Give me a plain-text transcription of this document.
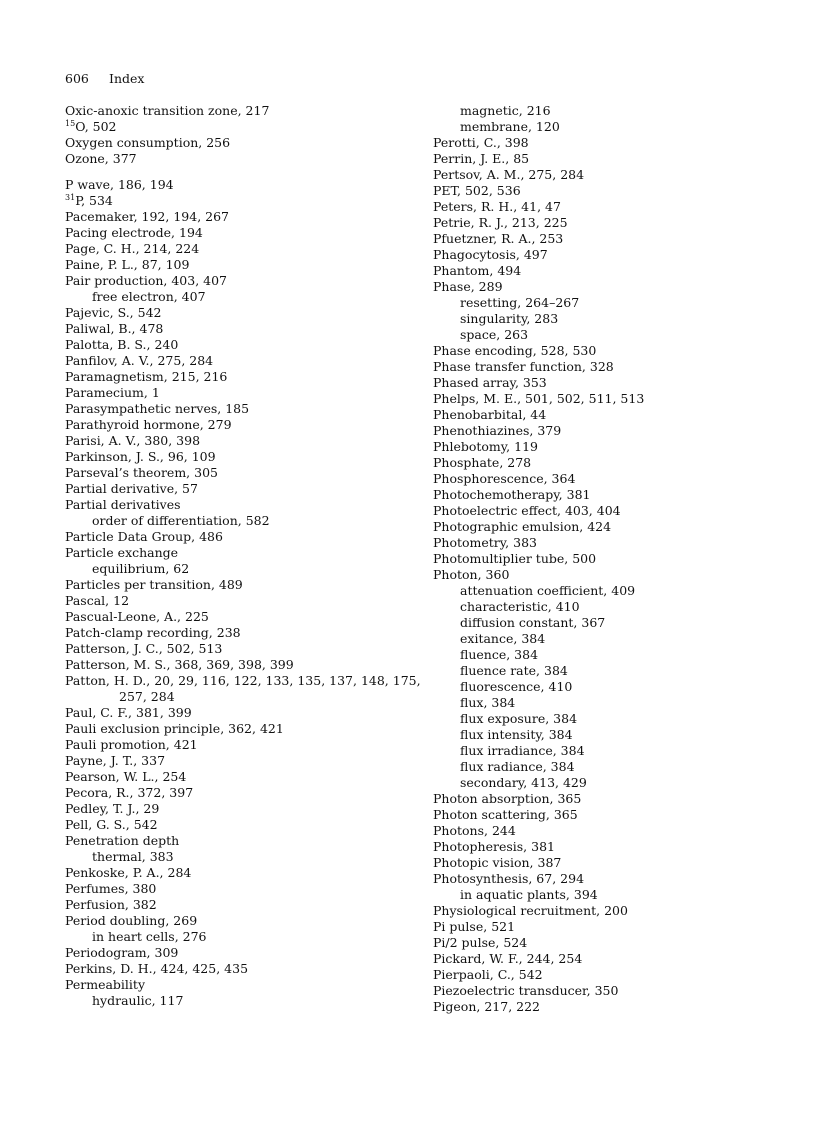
606 Index
Oxic-anoxic transition zone, 217
$^{15}$O, 502
Oxygen consumption, 256
Ozone, 377
P wave, 186, 194
$^{31}$P, 534
Pacemaker, 192, 194, 267
Pacing electrode, 194
Page, C. H., 214, 224
Paine, P. L., 87, 109
Pair production, 403, 407
free electron, 407
Pajevic, S., 542
Paliwal, B., 478
Palotta, B. S., 240
Panfilov, A. V., 275, 284
Paramagnetism, 215, 216
Paramecium, 1
Parasympathetic nerves, 185
Parathyroid hormone, 279
Parisi, A. V., 380, 398
Parkinson, J. S., 96, 109
Parseval’s theorem, 305
Partial derivative, 57
Partial derivatives
order of differentiation, 582
Particle Data Group, 486
Particle exchange
equilibrium, 62
Particles per transition, 489
Pascal, 12
Pascual-Leone, A., 225
Patch-clamp recording, 238
Patterson, J. C., 502, 513
Patterson, M. S., 368, 369, 398, 399
Patton, H. D., 20, 29, 116, 122, 133, 135, 137, 148, 175,
257, 284
Paul, C. F., 381, 399
Pauli exclusion principle, 362, 421
Pauli promotion, 421
Payne, J. T., 337
Pearson, W. L., 254
Pecora, R., 372, 397
Pedley, T. J., 29
Pell, G. S., 542
Penetration depth
thermal, 383
Penkoske, P. A., 284
Perfumes, 380
Perfusion, 382
Period doubling, 269
in heart cells, 276
Periodogram, 309
Perkins, D. H., 424, 425, 435
Permeability
hydraulic, 117
magnetic, 216
membrane, 120
Perotti, C., 398
Perrin, J. E., 85
Pertsov, A. M., 275, 284
PET, 502, 536
Peters, R. H., 41, 47
Petrie, R. J., 213, 225
Pfuetzner, R. A., 253
Phagocytosis, 497
Phantom, 494
Phase, 289
resetting, 264–267
singularity, 283
space, 263
Phase encoding, 528, 530
Phase transfer function, 328
Phased array, 353
Phelps, M. E., 501, 502, 511, 513
Phenobarbital, 44
Phenothiazines, 379
Phlebotomy, 119
Phosphate, 278
Phosphorescence, 364
Photochemotherapy, 381
Photoelectric effect, 403, 404
Photographic emulsion, 424
Photometry, 383
Photomultiplier tube, 500
Photon, 360
attenuation coefficient, 409
characteristic, 410
diffusion constant, 367
exitance, 384
fluence, 384
fluence rate, 384
fluorescence, 410
flux, 384
flux exposure, 384
flux intensity, 384
flux irradiance, 384
flux radiance, 384
secondary, 413, 429
Photon absorption, 365
Photon scattering, 365
Photons, 244
Photopheresis, 381
Photopic vision, 387
Photosynthesis, 67, 294
in aquatic plants, 394
Physiological recruitment, 200
Pi pulse, 521
Pi/2 pulse, 524
Pickard, W. F., 244, 254
Pierpaoli, C., 542
Piezoelectric transducer, 350
Pigeon, 217, 222
